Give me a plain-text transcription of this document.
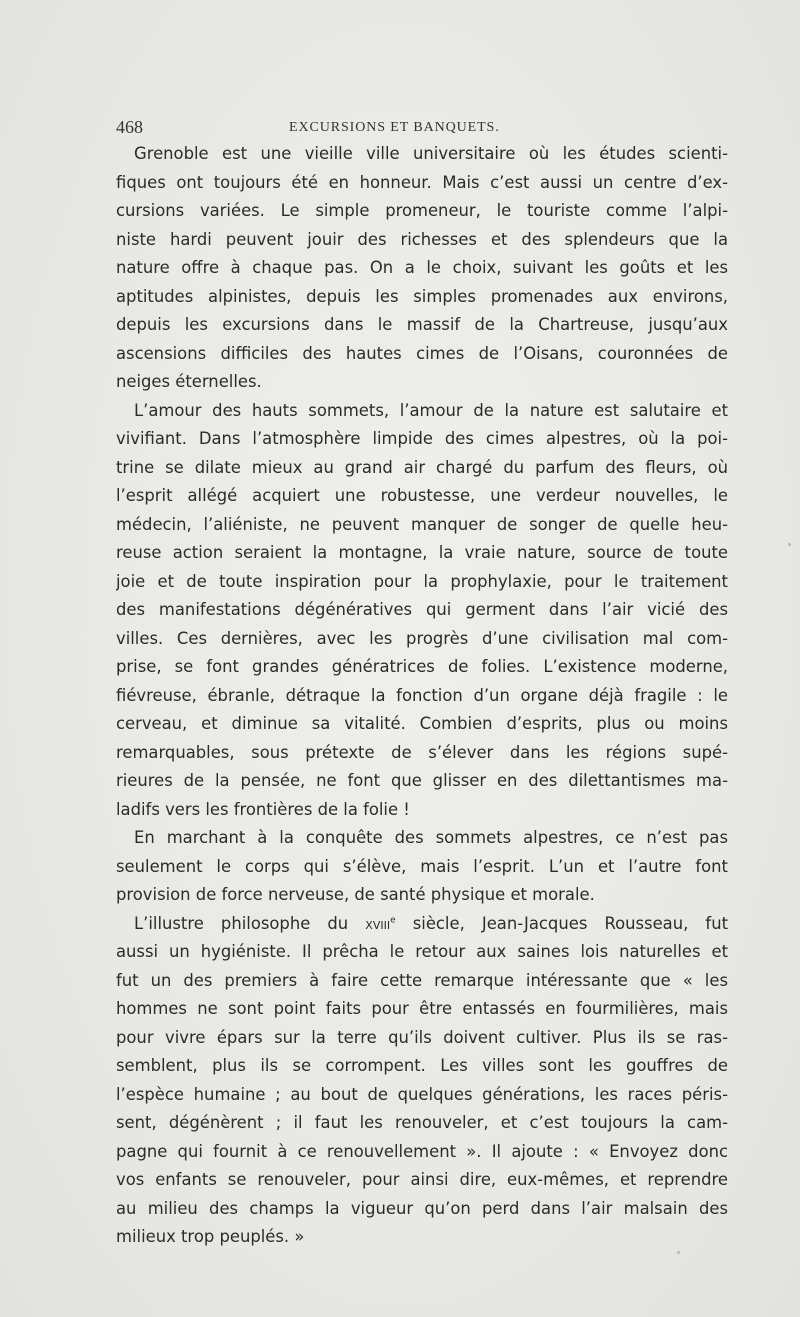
468	EXCURSIONS ET BANQUETS.
Grenoble est une vieille ville universitaire où les études scienti-
fiques ont toujours été en honneur. Mais c’est aussi un centre d’ex-
cursions variées. Le simple promeneur, le touriste comme l’alpi-
niste hardi peuvent jouir des richesses et des splendeurs que la
nature offre à chaque pas. On a le choix, suivant les goûts et les
aptitudes alpinistes, depuis les simples promenades aux environs,
depuis les excursions dans le massif de la Chartreuse, jusqu’aux
ascensions difficiles des hautes cimes de l’Oisans, couronnées de
neiges éternelles.
L’amour des hauts sommets, l’amour de la nature est salutaire et
vivifiant. Dans l’atmosphère limpide des cimes alpestres, où la poi-
trine se dilate mieux au grand air chargé du parfum des fleurs, où
l’esprit allégé acquiert une robustesse, une verdeur nouvelles, le
médecin, l’aliéniste, ne peuvent manquer de songer de quelle heu-
reuse action seraient la montagne, la vraie nature, source de toute
joie et de toute inspiration pour la prophylaxie, pour le traitement
des manifestations dégénératives qui germent dans l’air vicié des
villes. Ces dernières, avec les progrès d’une civilisation mal com-
prise, se font grandes génératrices de folies. L’existence moderne,
fiévreuse, ébranle, détraque la fonction d’un organe déjà fragile : le
cerveau, et diminue sa vitalité. Combien d’esprits, plus ou moins
remarquables, sous prétexte de s’élever dans les régions supé-
rieures de la pensée, ne font que glisser en des dilettantismes ma-
ladifs vers les frontières de la folie !
En marchant à la conquête des sommets alpestres, ce n’est pas
seulement le corps qui s’élève, mais l’esprit. L’un et l’autre font
provision de force nerveuse, de santé physique et morale.
L’illustre philosophe du xviii$^e$ siècle, Jean-Jacques Rousseau, fut
aussi un hygiéniste. Il prêcha le retour aux saines lois naturelles et
fut un des premiers à faire cette remarque intéressante que « les
hommes ne sont point faits pour être entassés en fourmilières, mais
pour vivre épars sur la terre qu’ils doivent cultiver. Plus ils se ras-
semblent, plus ils se corrompent. Les villes sont les gouffres de
l’espèce humaine ; au bout de quelques générations, les races péris-
sent, dégénèrent ; il faut les renouveler, et c’est toujours la cam-
pagne qui fournit à ce renouvellement ». Il ajoute : « Envoyez donc
vos enfants se renouveler, pour ainsi dire, eux-mêmes, et reprendre
au milieu des champs la vigueur qu’on perd dans l’air malsain des
milieux trop peuplés. »
